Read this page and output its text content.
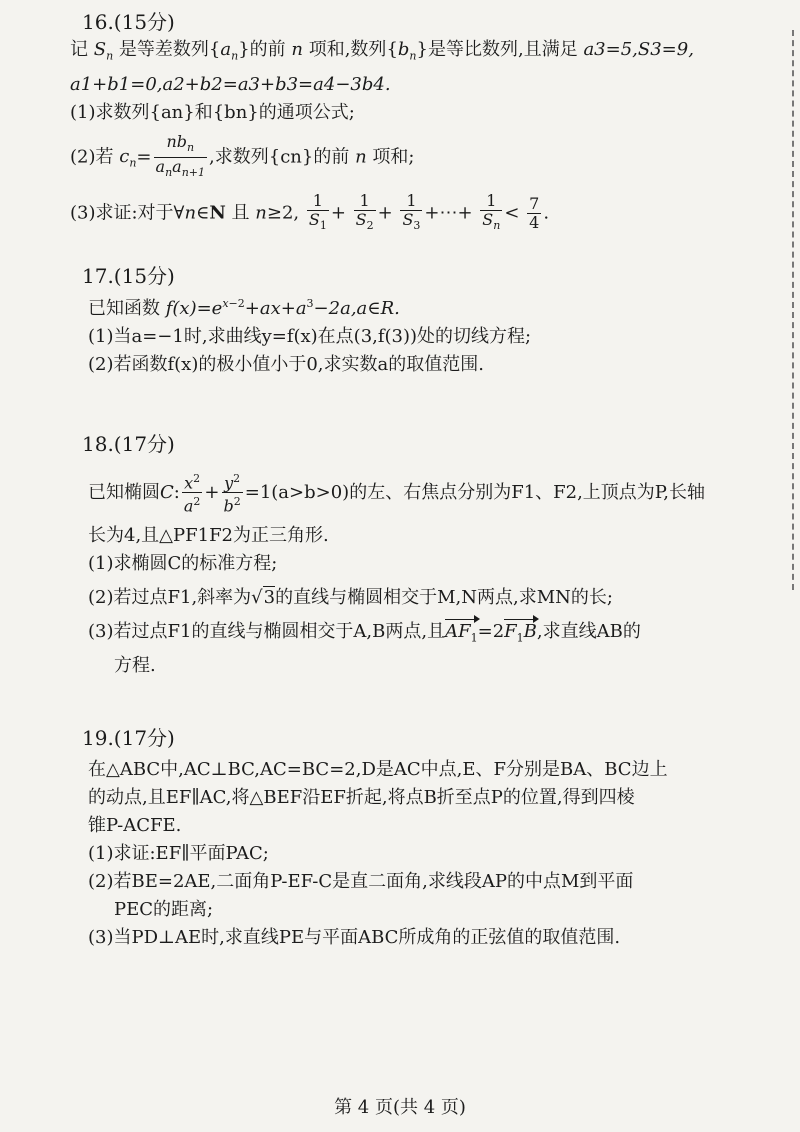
16.(15分)
记 $S_n$ 是等差数列$\{a_n\}$的前 n 项和,数列$\{b_n\}$是等比数列,且满足 a3=5,S3=9,
a1+b1=0,a2+b2=a3+b3=a4−3b4.
(1)求数列{an}和{bn}的通项公式;
(2)若 $c_n= \frac{nb_n}{a_na_{n+1}}$ ,求数列{cn}的前 n 项和;
(3)求证:对于∀n∈N 且 n≥2, $\frac{1}{S_1} + \frac{1}{S_2} + \frac{1}{S_3}$ +⋯+ $\frac{1}{S_n} < \frac{7}{4}$ .
17.(15分)
已知函数 $f(x)=e^{x-2}+ax+a^3-2a,a\in R$.
(1)当a=−1时,求曲线y=f(x)在点(3,f(3))处的切线方程;
(2)若函数f(x)的极小值小于0,求实数a的取值范围.
18.(17分)
已知椭圆C: $\frac{x^2}{a^2} + \frac{y^2}{b^2} =1(a>b>0)$的左、右焦点分别为F1、F2,上顶点为P,长轴
长为4,且△PF1F2为正三角形.
(1)求椭圆C的标准方程;
(2)若过点F1,斜率为√3的直线与椭圆相交于M,N两点,求MN的长;
(3)若过点F1的直线与椭圆相交于A,B两点,且$AF_1=2F_1B$,求直线AB的
方程.
19.(17分)
在△ABC中,AC⊥BC,AC=BC=2,D是AC中点,E、F分别是BA、BC边上
的动点,且EF∥AC,将△BEF沿EF折起,将点B折至点P的位置,得到四棱
锥P-ACFE.
(1)求证:EF∥平面PAC;
(2)若BE=2AE,二面角P-EF-C是直二面角,求线段AP的中点M到平面
PEC的距离;
(3)当PD⊥AE时,求直线PE与平面ABC所成角的正弦值的取值范围.
第 4 页(共 4 页)
